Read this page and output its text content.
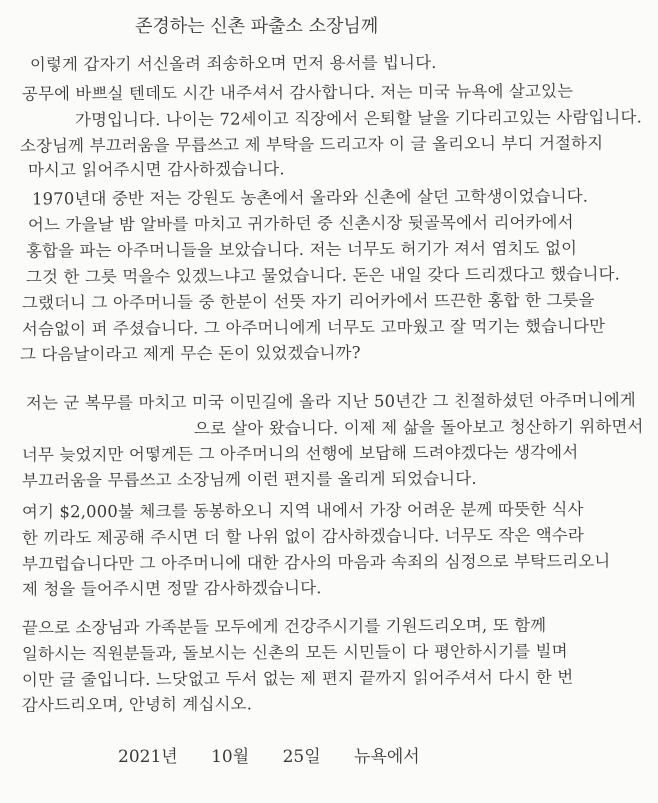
존경하는 신촌 파출소 소장님께
이렇게 갑자기 서신올려 죄송하오며 먼저 용서를 빕니다.
공무에 바쁘실 텐데도 시간 내주셔서 감사합니다. 저는 미국 뉴욕에 살고있는
가명입니다. 나이는 72세이고 직장에서 은퇴할 날을 기다리고있는 사람입니다.
소장님께 부끄러움을 무릅쓰고 제 부탁을 드리고자 이 글 올리오니 부디 거절하지
마시고 읽어주시면 감사하겠습니다.
1970년대 중반 저는 강원도 농촌에서 올라와 신촌에 살던 고학생이었습니다.
어느 가을날 밤 알바를 마치고 귀가하던 중 신촌시장 뒷골목에서 리어카에서
홍합을 파는 아주머니들을 보았습니다. 저는 너무도 허기가 져서 염치도 없이
그것 한 그릇 먹을수 있겠느냐고 물었습니다. 돈은 내일 갖다 드리겠다고 했습니다.
그랬더니 그 아주머니들 중 한분이 선뜻 자기 리어카에서 뜨끈한 홍합 한 그릇을
서슴없이 퍼 주셨습니다. 그 아주머니에게 너무도 고마웠고 잘 먹기는 했습니다만
그 다음날이라고 제게 무슨 돈이 있었겠습니까?
저는 군 복무를 마치고 미국 이민길에 올라 지난 50년간 그 친절하셨던 아주머니에게
으로 살아 왔습니다. 이제 제 삶을 돌아보고 청산하기 위하면서
너무 늦었지만 어떻게든 그 아주머니의 선행에 보답해 드려야겠다는 생각에서
부끄러움을 무릅쓰고 소장님께 이런 편지를 올리게 되었습니다.
여기 $2,000불 체크를 동봉하오니 지역 내에서 가장 어려운 분께 따뜻한 식사
한 끼라도 제공해 주시면 더 할 나위 없이 감사하겠습니다. 너무도 작은 액수라
부끄럽습니다만 그 아주머니에 대한 감사의 마음과 속죄의 심정으로 부탁드리오니
제 청을 들어주시면 정말 감사하겠습니다.
끝으로 소장님과 가족분들 모두에게 건강주시기를 기원드리오며, 또 함께
일하시는 직원분들과, 돌보시는 신촌의 모든 시민들이 다 평안하시기를 빌며
이만 글 줄입니다. 느닷없고 두서 없는 제 편지 끝까지 읽어주셔서 다시 한 번
감사드리오며, 안녕히 계십시오.
2021년 10월 25일 뉴욕에서
